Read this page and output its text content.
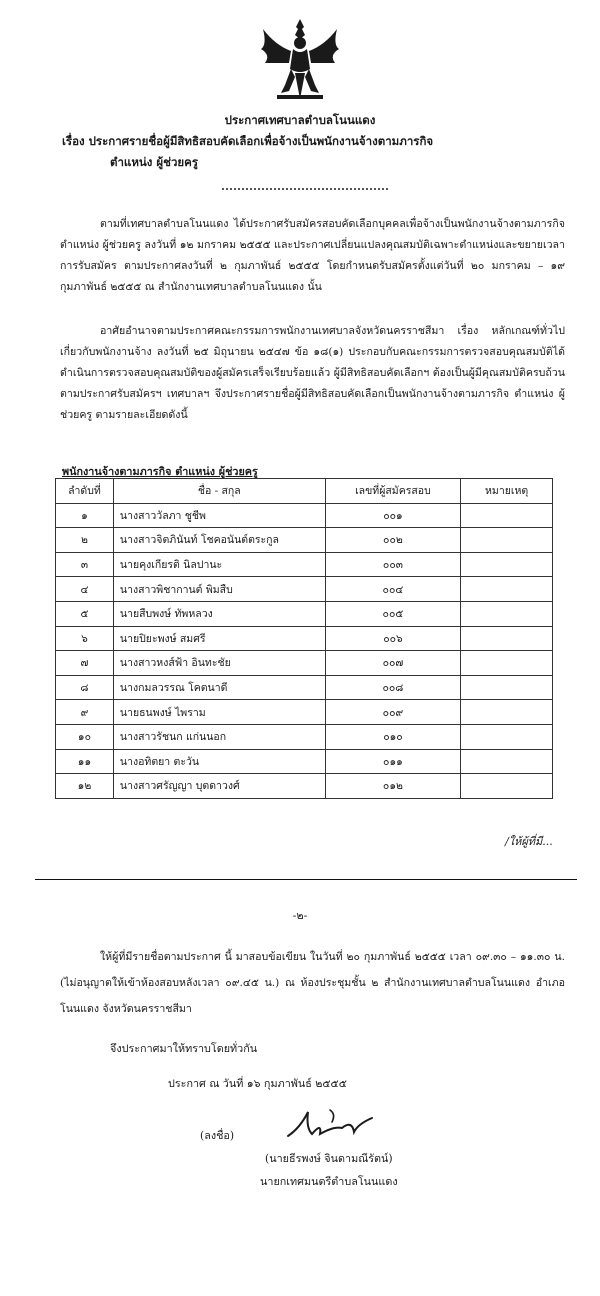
ประกาศเทศบาลตำบลโนนแดง
เรื่อง ประกาศรายชื่อผู้มีสิทธิสอบคัดเลือกเพื่อจ้างเป็นพนักงานจ้างตามภารกิจ
ตำแหน่ง ผู้ช่วยครู
ตามที่เทศบาลตำบลโนนแดง ได้ประกาศรับสมัครสอบคัดเลือกบุคคลเพื่อจ้างเป็นพนักงานจ้างตามภารกิจ ตำแหน่ง ผู้ช่วยครู ลงวันที่ ๑๒ มกราคม ๒๕๕๕ และประกาศเปลี่ยนแปลงคุณสมบัติเฉพาะตำแหน่งและขยายเวลาการรับสมัคร ตามประกาศลงวันที่ ๒ กุมภาพันธ์ ๒๕๕๕ โดยกำหนดรับสมัครตั้งแต่วันที่ ๒๐ มกราคม – ๑๙ กุมภาพันธ์ ๒๕๕๕ ณ สำนักงานเทศบาลตำบลโนนแดง นั้น
อาศัยอำนาจตามประกาศคณะกรรมการพนักงานเทศบาลจังหวัดนครราชสีมา เรื่อง หลักเกณฑ์ทั่วไปเกี่ยวกับพนักงานจ้าง ลงวันที่ ๒๕ มิถุนายน ๒๕๔๗ ข้อ ๑๘(๑) ประกอบกับคณะกรรมการตรวจสอบคุณสมบัติได้ดำเนินการตรวจสอบคุณสมบัติของผู้สมัครเสร็จเรียบร้อยแล้ว ผู้มีสิทธิสอบคัดเลือกฯ ต้องเป็นผู้มีคุณสมบัติครบถ้วนตามประกาศรับสมัครฯ เทศบาลฯ จึงประกาศรายชื่อผู้มีสิทธิสอบคัดเลือกเป็นพนักงานจ้างตามภารกิจ ตำแหน่ง ผู้ช่วยครู ตามรายละเอียดดังนี้
พนักงานจ้างตามภารกิจ ตำแหน่ง ผู้ช่วยครู
ลำดับที่	ชื่อ - สกุล	เลขที่ผู้สมัครสอบ	หมายเหตุ
๑	นางสาววัลภา ชูชีพ	๐๐๑	
๒	นางสาวจิตภินันท์ โชคอนันต์ตระกูล	๐๐๒	
๓	นายคุงเกียรติ นิลปานะ	๐๐๓	
๔	นางสาวพิชากานต์ พิมสืบ	๐๐๔	
๕	นายสืบพงษ์ ทัพหลวง	๐๐๕	
๖	นายปิยะพงษ์ สมศรี	๐๐๖	
๗	นางสาวหงส์ฟ้า อินทะชัย	๐๐๗	
๘	นางกมลวรรณ โคตนาดี	๐๐๘	
๙	นายธนพงษ์ ไพราม	๐๐๙	
๑๐	นางสาวรัชนก แก่นนอก	๐๑๐	
๑๑	นางอทิตยา ตะวัน	๐๑๑	
๑๒	นางสาวศรัญญา บุตดาวงศ์	๐๑๒	
/ให้ผู้ที่มี...
-๒-
ให้ผู้ที่มีรายชื่อตามประกาศ นี้ มาสอบข้อเขียน ในวันที่ ๒๐ กุมภาพันธ์ ๒๕๕๕ เวลา ๐๙.๓๐ – ๑๑.๓๐ น. (ไม่อนุญาตให้เข้าห้องสอบหลังเวลา ๐๙.๔๕ น.) ณ ห้องประชุมชั้น ๒ สำนักงานเทศบาลตำบลโนนแดง อำเภอโนนแดง จังหวัดนครราชสีมา
จึงประกาศมาให้ทราบโดยทั่วกัน
ประกาศ ณ วันที่ ๑๖ กุมภาพันธ์ ๒๕๕๕
(ลงชื่อ)
(นายธีรพงษ์ จินดามณีรัตน์)
นายกเทศมนตรีตำบลโนนแดง
